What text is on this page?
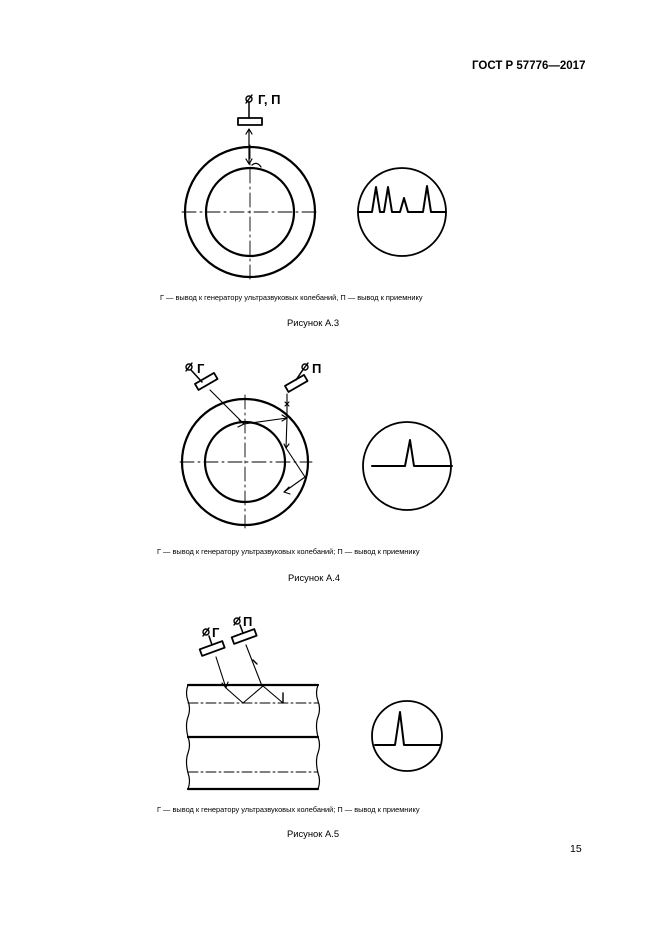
ГОСТ Р 57776—2017
Г, П
Г	П
Г
П
Г — вывод к генератору ультразвуковых колебаний, П — вывод к приемнику
Рисунок А.3
Г — вывод к генератору ультразвуковых колебаний; П — вывод к приемнику
Рисунок А.4
Г — вывод к генератору ультразвуковых колебаний; П — вывод к приемнику
Рисунок А.5
15
